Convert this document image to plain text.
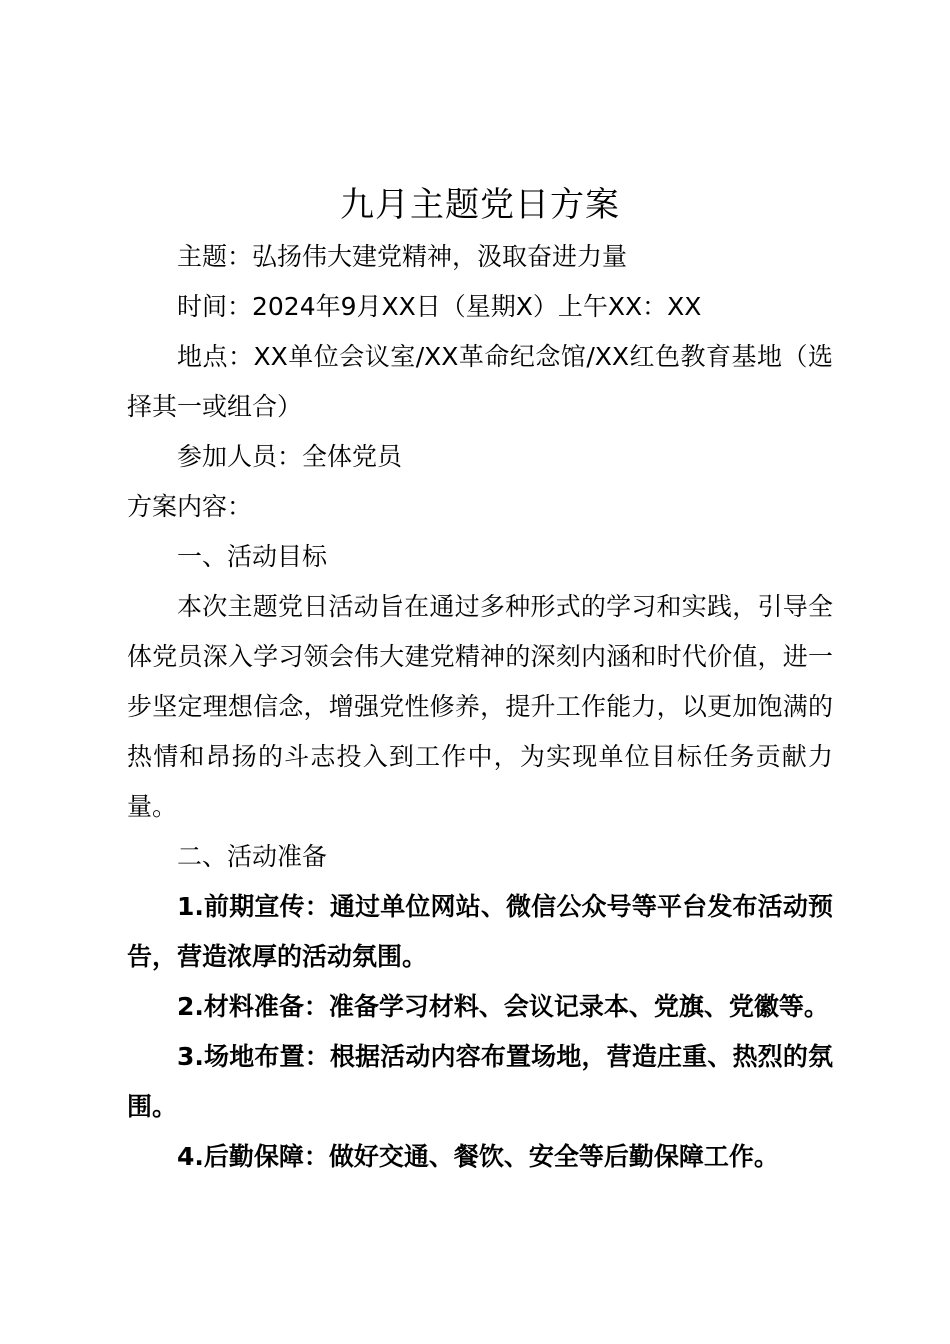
九月主题党日方案

主题：弘扬伟大建党精神，汲取奋进力量

时间：2024年9月XX日（星期X）上午XX：XX

地点：XX单位会议室/XX革命纪念馆/XX红色教育基地（选择其一或组合）

参加人员：全体党员

方案内容：

一、活动目标

本次主题党日活动旨在通过多种形式的学习和实践，引导全体党员深入学习领会伟大建党精神的深刻内涵和时代价值，进一步坚定理想信念，增强党性修养，提升工作能力，以更加饱满的热情和昂扬的斗志投入到工作中，为实现单位目标任务贡献力量。

二、活动准备

1.前期宣传：通过单位网站、微信公众号等平台发布活动预告，营造浓厚的活动氛围。

2.材料准备：准备学习材料、会议记录本、党旗、党徽等。

3.场地布置：根据活动内容布置场地，营造庄重、热烈的氛围。

4.后勤保障：做好交通、餐饮、安全等后勤保障工作。
